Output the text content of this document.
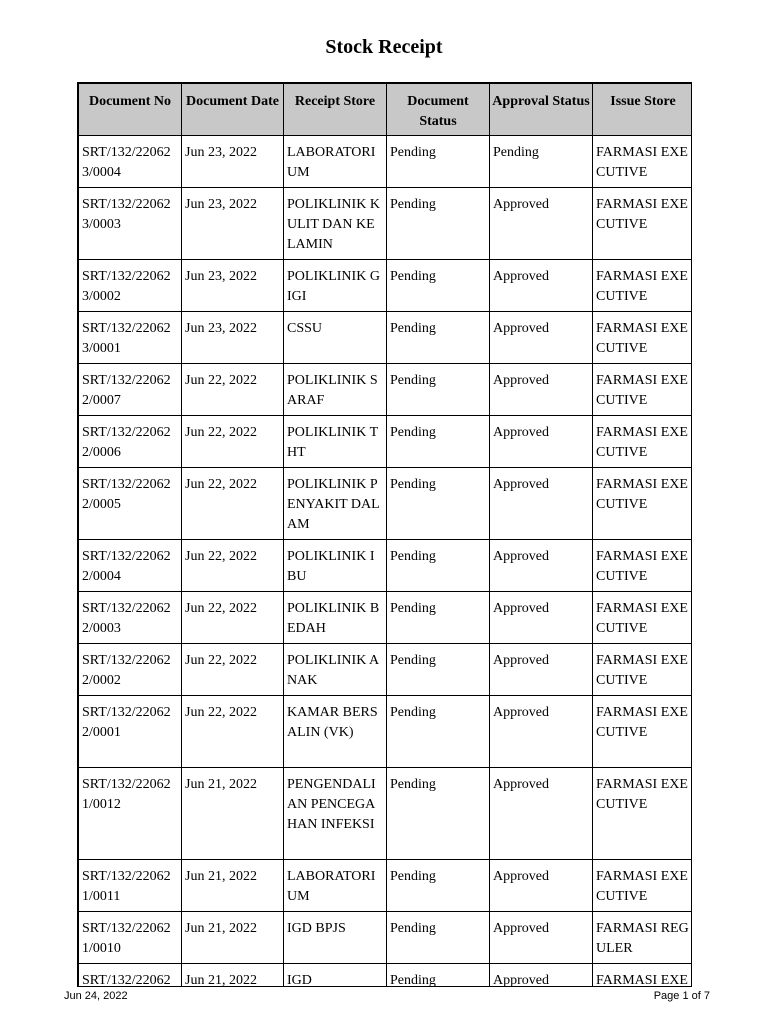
Stock Receipt
Document No	Document Date	Receipt Store	Document Status	Approval Status	Issue Store
SRT/132/220623/0004	Jun 23, 2022	LABORATORIUM	Pending	Pending	FARMASI EXECUTIVE
SRT/132/220623/0003	Jun 23, 2022	POLIKLINIK KULIT DAN KELAMIN	Pending	Approved	FARMASI EXECUTIVE
SRT/132/220623/0002	Jun 23, 2022	POLIKLINIK GIGI	Pending	Approved	FARMASI EXECUTIVE
SRT/132/220623/0001	Jun 23, 2022	CSSU	Pending	Approved	FARMASI EXECUTIVE
SRT/132/220622/0007	Jun 22, 2022	POLIKLINIK SARAF	Pending	Approved	FARMASI EXECUTIVE
SRT/132/220622/0006	Jun 22, 2022	POLIKLINIK THT	Pending	Approved	FARMASI EXECUTIVE
SRT/132/220622/0005	Jun 22, 2022	POLIKLINIK PENYAKIT DALAM	Pending	Approved	FARMASI EXECUTIVE
SRT/132/220622/0004	Jun 22, 2022	POLIKLINIK IBU	Pending	Approved	FARMASI EXECUTIVE
SRT/132/220622/0003	Jun 22, 2022	POLIKLINIK BEDAH	Pending	Approved	FARMASI EXECUTIVE
SRT/132/220622/0002	Jun 22, 2022	POLIKLINIK ANAK	Pending	Approved	FARMASI EXECUTIVE
SRT/132/220622/0001	Jun 22, 2022	KAMAR BERSALIN (VK)	Pending	Approved	FARMASI EXECUTIVE
SRT/132/220621/0012	Jun 21, 2022	PENGENDALIAN PENCEGAHAN INFEKSI	Pending	Approved	FARMASI EXECUTIVE
SRT/132/220621/0011	Jun 21, 2022	LABORATORIUM	Pending	Approved	FARMASI EXECUTIVE
SRT/132/220621/0010	Jun 21, 2022	IGD BPJS	Pending	Approved	FARMASI REGULER
SRT/132/22062	Jun 21, 2022	IGD	Pending	Approved	FARMASI EXE
Jun 24, 2022	Page 1 of 7
